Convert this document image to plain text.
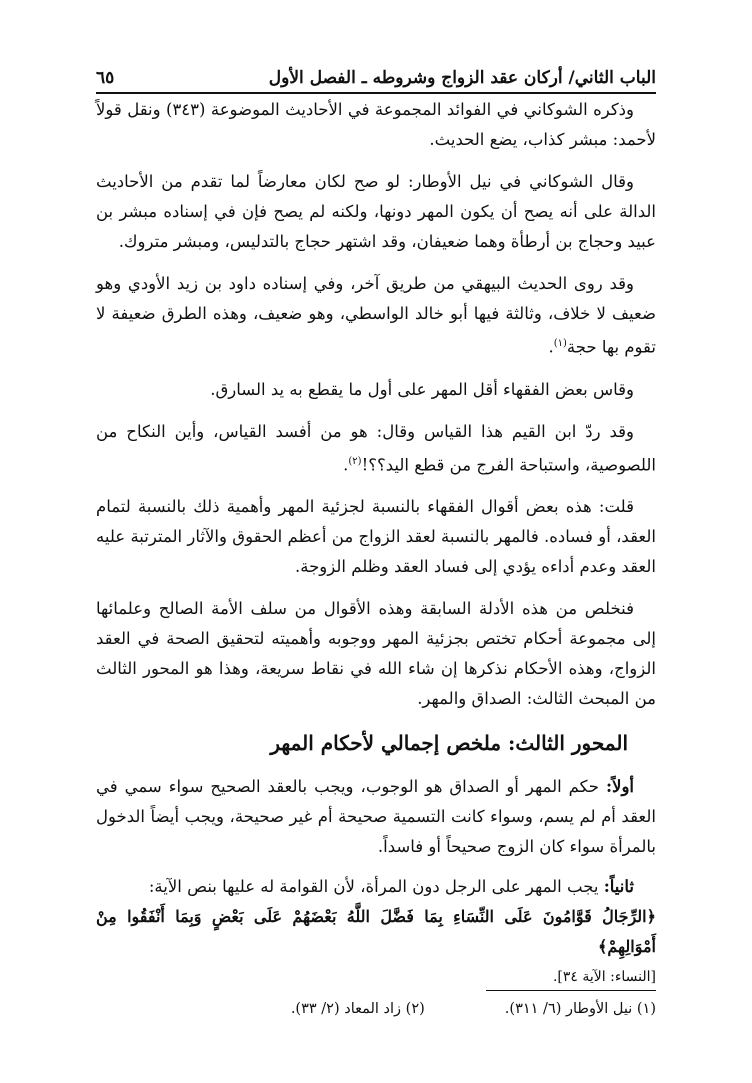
الباب الثاني/ أركان عقد الزواج وشروطه ـ الفصل الأول
٦٥

وذكره الشوكاني في الفوائد المجموعة في الأحاديث الموضوعة (٣٤٣) ونقل قولاً لأحمد: مبشر كذاب، يضع الحديث.

وقال الشوكاني في نيل الأوطار: لو صح لكان معارضاً لما تقدم من الأحاديث الدالة على أنه يصح أن يكون المهر دونها، ولكنه لم يصح فإن في إسناده مبشر بن عبيد وحجاج بن أرطأة وهما ضعيفان، وقد اشتهر حجاج بالتدليس، ومبشر متروك.

وقد روى الحديث البيهقي من طريق آخر، وفي إسناده داود بن زيد الأودي وهو ضعيف لا خلاف، وثالثة فيها أبو خالد الواسطي، وهو ضعيف، وهذه الطرق ضعيفة لا تقوم بها حجة$^{(١)}$.

وقاس بعض الفقهاء أقل المهر على أول ما يقطع به يد السارق.

وقد ردّ ابن القيم هذا القياس وقال: هو من أفسد القياس، وأين النكاح من اللصوصية، واستباحة الفرج من قطع اليد؟؟!$^{(٢)}$.

قلت: هذه بعض أقوال الفقهاء بالنسبة لجزئية المهر وأهمية ذلك بالنسبة لتمام العقد، أو فساده. فالمهر بالنسبة لعقد الزواج من أعظم الحقوق والآثار المترتبة عليه العقد وعدم أداءه يؤدي إلى فساد العقد وظلم الزوجة.

فنخلص من هذه الأدلة السابقة وهذه الأقوال من سلف الأمة الصالح وعلمائها إلى مجموعة أحكام تختص بجزئية المهر ووجوبه وأهميته لتحقيق الصحة في العقد الزواج، وهذه الأحكام نذكرها إن شاء الله في نقاط سريعة، وهذا هو المحور الثالث من المبحث الثالث: الصداق والمهر.

المحور الثالث: ملخص إجمالي لأحكام المهر

أولاً: حكم المهر أو الصداق هو الوجوب، ويجب بالعقد الصحيح سواء سمي في العقد أم لم يسم، وسواء كانت التسمية صحيحة أم غير صحيحة، ويجب أيضاً الدخول بالمرأة سواء كان الزوج صحيحاً أو فاسداً.

ثانياً: يجب المهر على الرجل دون المرأة، لأن القوامة له عليها بنص الآية:
﴿الرِّجَالُ قَوَّامُونَ عَلَى النِّسَاءِ بِمَا فَضَّلَ اللَّهُ بَعْضَهُمْ عَلَى بَعْضٍ وَبِمَا أَنْفَقُوا مِنْ أَمْوَالِهِمْ﴾
[النساء: الآية ٣٤].

(١) نيل الأوطار (٦/ ٣١١).
(٢) زاد المعاد (٢/ ٣٣).
